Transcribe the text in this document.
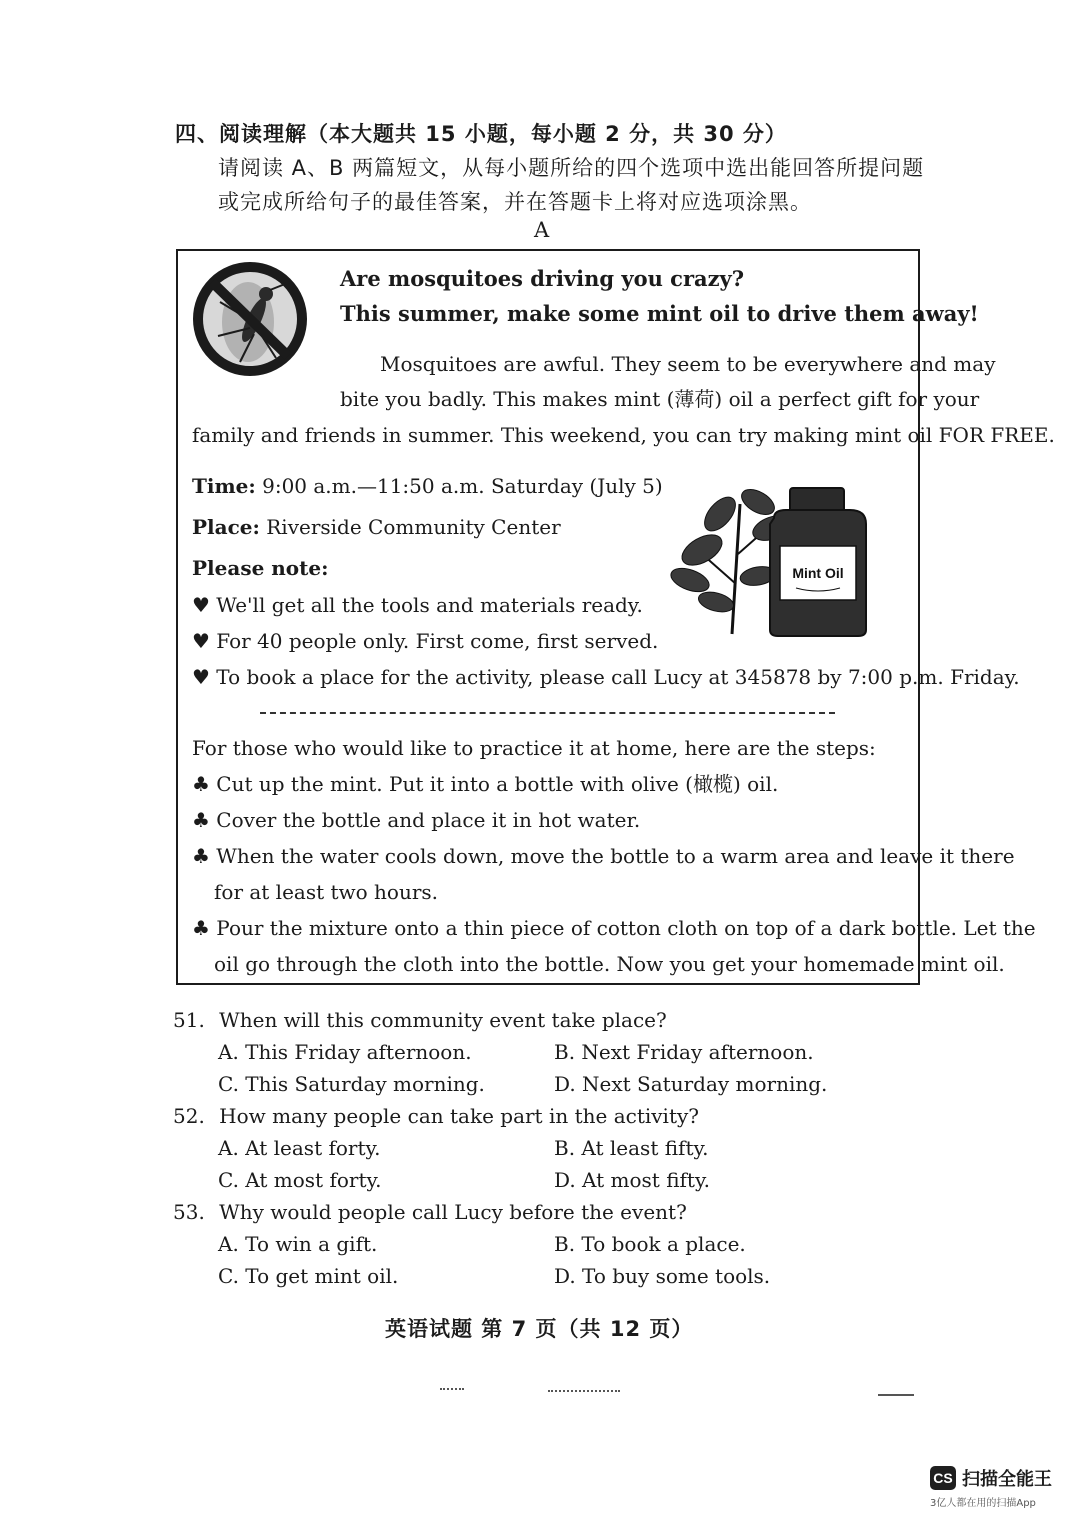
四、阅读理解（本大题共 15 小题，每小题 2 分，共 30 分）
请阅读 A、B 两篇短文，从每小题所给的四个选项中选出能回答所提问题
或完成所给句子的最佳答案，并在答题卡上将对应选项涂黑。
A
Are mosquitoes driving you crazy?
This summer, make some mint oil to drive them away!
Mosquitoes are awful. They seem to be everywhere and may
bite you badly. This makes mint (薄荷) oil a perfect gift for your
family and friends in summer. This weekend, you can try making mint oil FOR FREE.
Time: 9:00 a.m.—11:50 a.m. Saturday (July 5)
Place: Riverside Community Center
Please note:
♥ We'll get all the tools and materials ready.
♥ For 40 people only. First come, first served.
♥ To book a place for the activity, please call Lucy at 345878 by 7:00 p.m. Friday.
Mint Oil
For those who would like to practice it at home, here are the steps:
♣ Cut up the mint. Put it into a bottle with olive (橄榄) oil.
♣ Cover the bottle and place it in hot water.
♣ When the water cools down, move the bottle to a warm area and leave it there
for at least two hours.
♣ Pour the mixture onto a thin piece of cotton cloth on top of a dark bottle. Let the
oil go through the cloth into the bottle. Now you get your homemade mint oil.
51. When will this community event take place?
A. This Friday afternoon.	B. Next Friday afternoon.
C. This Saturday morning.	D. Next Saturday morning.
52. How many people can take part in the activity?
A. At least forty.	B. At least fifty.
C. At most forty.	D. At most fifty.
53. Why would people call Lucy before the event?
A. To win a gift.	B. To book a place.
C. To get mint oil.	D. To buy some tools.
英语试题 第 7 页（共 12 页）
CS 扫描全能王
3亿人都在用的扫描App
